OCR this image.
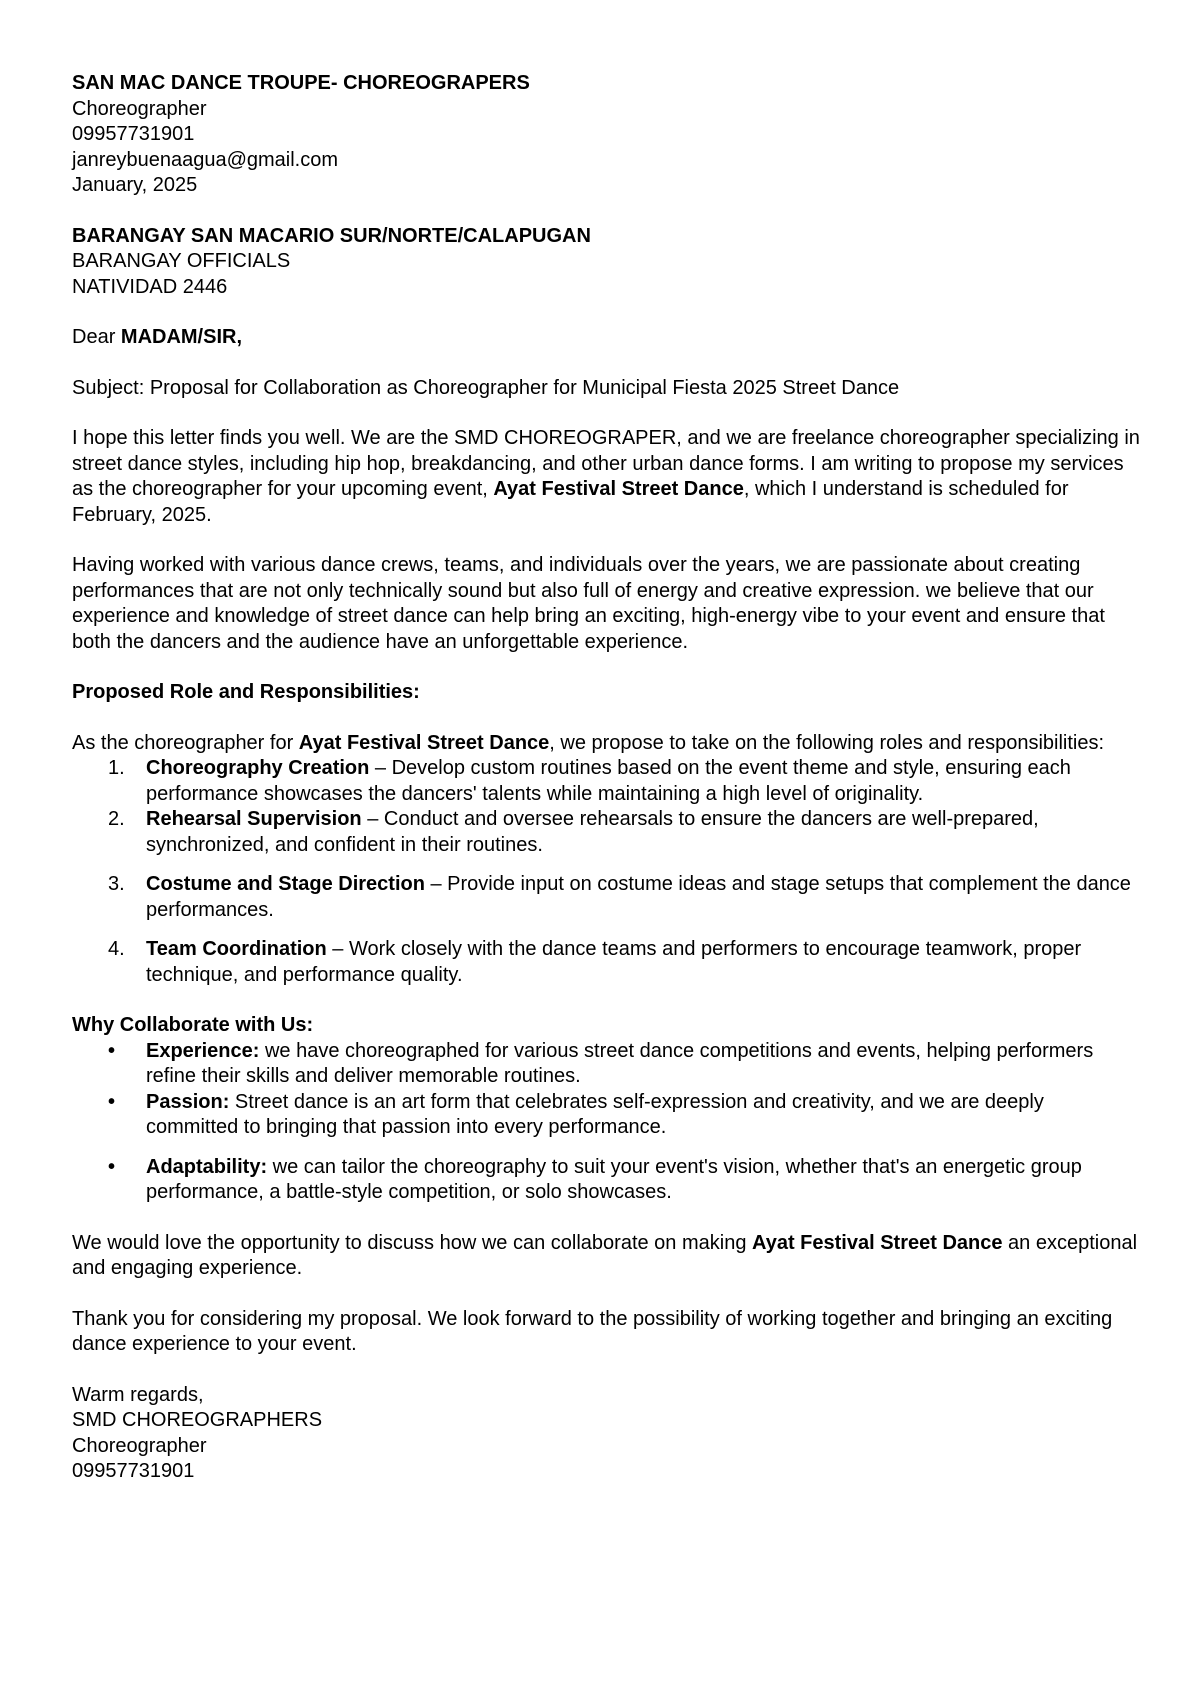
SAN MAC DANCE TROUPE- CHOREOGRAPERS
Choreographer
09957731901
janreybuenaagua@gmail.com
January, 2025
BARANGAY SAN MACARIO SUR/NORTE/CALAPUGAN
BARANGAY OFFICIALS
NATIVIDAD 2446
Dear MADAM/SIR,
Subject: Proposal for Collaboration as Choreographer for Municipal Fiesta 2025 Street Dance
I hope this letter finds you well. We are the SMD CHOREOGRAPER, and we are freelance choreographer specializing in street dance styles, including hip hop, breakdancing, and other urban dance forms. I am writing to propose my services as the choreographer for your upcoming event, Ayat Festival Street Dance, which I understand is scheduled for February, 2025.
Having worked with various dance crews, teams, and individuals over the years, we are passionate about creating performances that are not only technically sound but also full of energy and creative expression. we believe that our experience and knowledge of street dance can help bring an exciting, high-energy vibe to your event and ensure that both the dancers and the audience have an unforgettable experience.
Proposed Role and Responsibilities:
As the choreographer for Ayat Festival Street Dance, we propose to take on the following roles and responsibilities:
1. Choreography Creation – Develop custom routines based on the event theme and style, ensuring each performance showcases the dancers' talents while maintaining a high level of originality.
2. Rehearsal Supervision – Conduct and oversee rehearsals to ensure the dancers are well-prepared, synchronized, and confident in their routines.
3. Costume and Stage Direction – Provide input on costume ideas and stage setups that complement the dance performances.
4. Team Coordination – Work closely with the dance teams and performers to encourage teamwork, proper technique, and performance quality.
Why Collaborate with Us:
• Experience: we have choreographed for various street dance competitions and events, helping performers refine their skills and deliver memorable routines.
• Passion: Street dance is an art form that celebrates self-expression and creativity, and we are deeply committed to bringing that passion into every performance.
• Adaptability: we can tailor the choreography to suit your event's vision, whether that's an energetic group performance, a battle-style competition, or solo showcases.
We would love the opportunity to discuss how we can collaborate on making Ayat Festival Street Dance an exceptional and engaging experience.
Thank you for considering my proposal. We look forward to the possibility of working together and bringing an exciting dance experience to your event.
Warm regards,
SMD CHOREOGRAPHERS
Choreographer
09957731901
